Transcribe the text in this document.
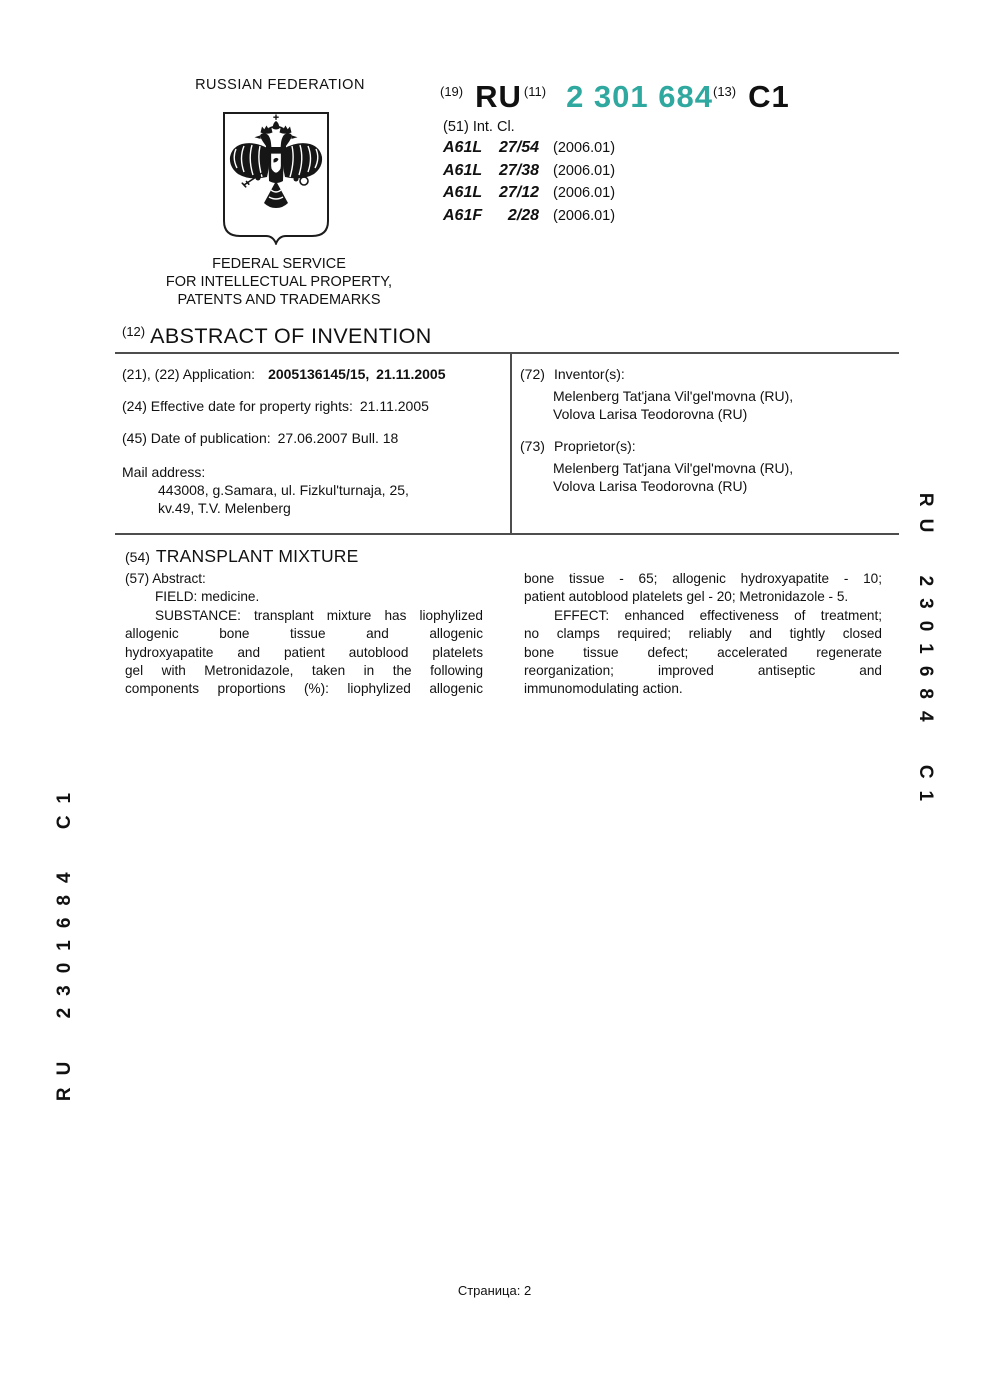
RUSSIAN FEDERATION
FEDERAL SERVICE
FOR INTELLECTUAL PROPERTY,
PATENTS AND TRADEMARKS
(19) RU (11) 2 301 684(13) C1
(51) Int. Cl.
A61L	27/54 (2006.01)
A61L	27/38 (2006.01)
A61L	27/12 (2006.01)
A61F	2/28 (2006.01)
(12) ABSTRACT OF INVENTION
(21), (22) Application: 2005136145/15, 21.11.2005
(24) Effective date for property rights: 21.11.2005
(45) Date of publication: 27.06.2007 Bull. 18
Mail address:
443008, g.Samara, ul. Fizkul'turnaja, 25,
kv.49, T.V. Melenberg
(72) Inventor(s):
Melenberg Tat'jana Vil'gel'movna (RU),
Volova Larisa Teodorovna (RU)
(73) Proprietor(s):
Melenberg Tat'jana Vil'gel'movna (RU),
Volova Larisa Teodorovna (RU)
(54) TRANSPLANT MIXTURE
(57) Abstract:
FIELD: medicine.
SUBSTANCE: transplant mixture has liophylized
allogenic bone tissue and allogenic
hydroxyapatite and patient autoblood platelets
gel with Metronidazole, taken in the following
components proportions (%): liophylized allogenic
bone tissue - 65; allogenic hydroxyapatite - 10;
patient autoblood platelets gel - 20; Metronidazole - 5.
EFFECT: enhanced effectiveness of treatment;
no clamps required; reliably and tightly closed
bone tissue defect; accelerated regenerate
reorganization; improved antiseptic and
immunomodulating action.
RU 2301684 C1
RU 2301684 C1
Страница: 2
